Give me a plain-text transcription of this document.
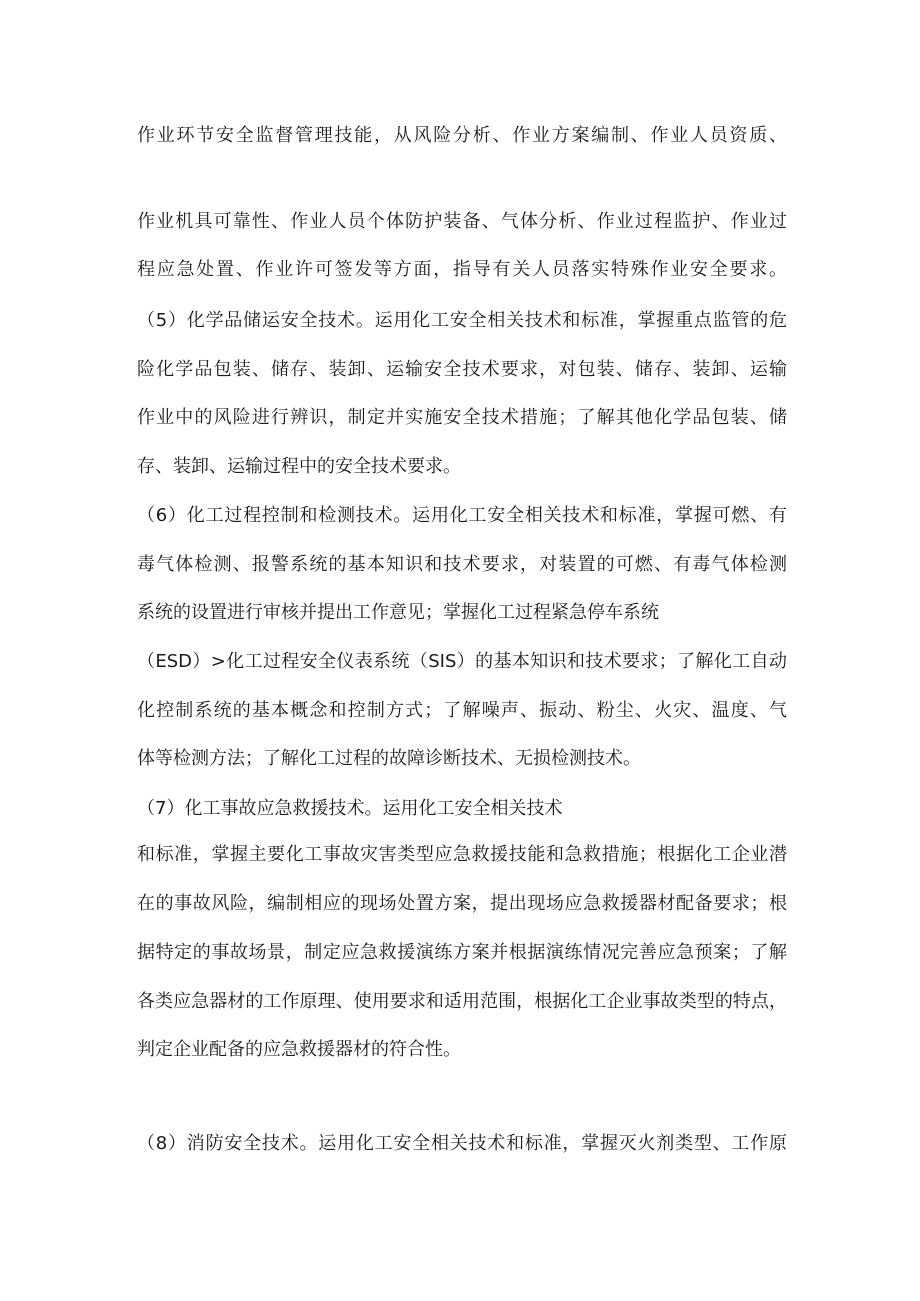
作业环节安全监督管理技能，从风险分析、作业方案编制、作业人员资质、
作业机具可靠性、作业人员个体防护装备、气体分析、作业过程监护、作业过
程应急处置、作业许可签发等方面，指导有关人员落实特殊作业安全要求。
（5）化学品储运安全技术。运用化工安全相关技术和标准，掌握重点监管的危
险化学品包装、储存、装卸、运输安全技术要求，对包装、储存、装卸、运输
作业中的风险进行辨识，制定并实施安全技术措施；了解其他化学品包装、储
存、装卸、运输过程中的安全技术要求。
（6）化工过程控制和检测技术。运用化工安全相关技术和标准，掌握可燃、有
毒气体检测、报警系统的基本知识和技术要求，对装置的可燃、有毒气体检测
系统的设置进行审核并提出工作意见；掌握化工过程紧急停车系统
（ESD）>化工过程安全仪表系统（SIS）的基本知识和技术要求；了解化工自动
化控制系统的基本概念和控制方式；了解噪声、振动、粉尘、火灾、温度、气
体等检测方法；了解化工过程的故障诊断技术、无损检测技术。
（7）化工事故应急救援技术。运用化工安全相关技术
和标准，掌握主要化工事故灾害类型应急救援技能和急救措施；根据化工企业潜
在的事故风险，编制相应的现场处置方案，提出现场应急救援器材配备要求；根
据特定的事故场景，制定应急救援演练方案并根据演练情况完善应急预案；了解
各类应急器材的工作原理、使用要求和适用范围，根据化工企业事故类型的特点，
判定企业配备的应急救援器材的符合性。
（8）消防安全技术。运用化工安全相关技术和标准，掌握灭火剂类型、工作原
